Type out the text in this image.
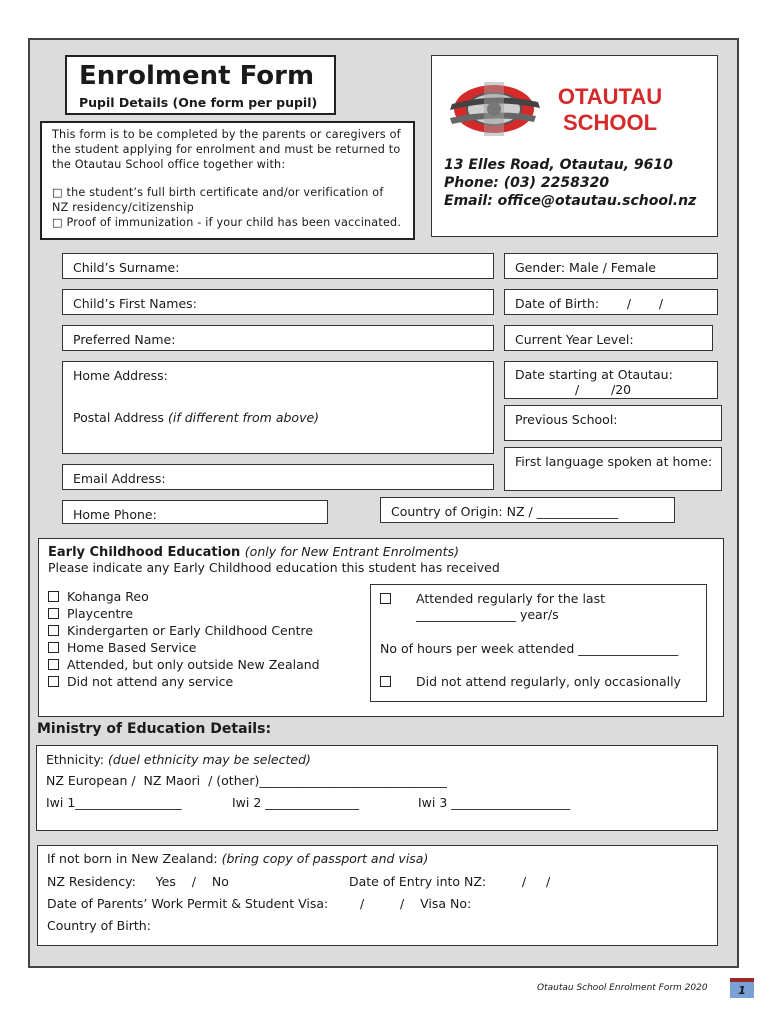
Enrolment Form
Pupil Details (One form per pupil)

This form is to be completed by the parents or caregivers of the student applying for enrolment and must be returned to the Otautau School office together with:

□ the student’s full birth certificate and/or verification of NZ residency/citizenship

□ Proof of immunization - if your child has been vaccinated.

OTAUTAU
SCHOOL
13 Elles Road, Otautau, 9610
Phone: (03) 2258320
Email: office@otautau.school.nz
Child’s Surname:	Gender: Male / Female
Child’s First Names:	Date of Birth:       /       /
Preferred Name:	Current Year Level:
Home Address:
Postal Address (if different from above)
Date starting at Otautau:
/        /20
Previous School:
First language spoken at home:
Email Address:
Home Phone:	Country of Origin: NZ / _____________
Early Childhood Education (only for New Entrant Enrolments)
Please indicate any Early Childhood education this student has received
Kohanga Reo
Playcentre
Kindergarten or Early Childhood Centre
Home Based Service
Attended, but only outside New Zealand
Did not attend any service
Attended regularly for the last
________________ year/s
No of hours per week attended ________________
Did not attend regularly, only occasionally
Ministry of Education Details:
Ethnicity: (duel ethnicity may be selected)
NZ European /  NZ Maori  / (other)______________________________
Iwi 1_________________	Iwi 2 _______________	Iwi 3 ___________________
If not born in New Zealand: (bring copy of passport and visa)
NZ Residency:     Yes    /    No	Date of Entry into NZ:         /     /
Date of Parents’ Work Permit & Student Visa:        /         /    Visa No:
Country of Birth:
Otautau School Enrolment Form 2020	1
